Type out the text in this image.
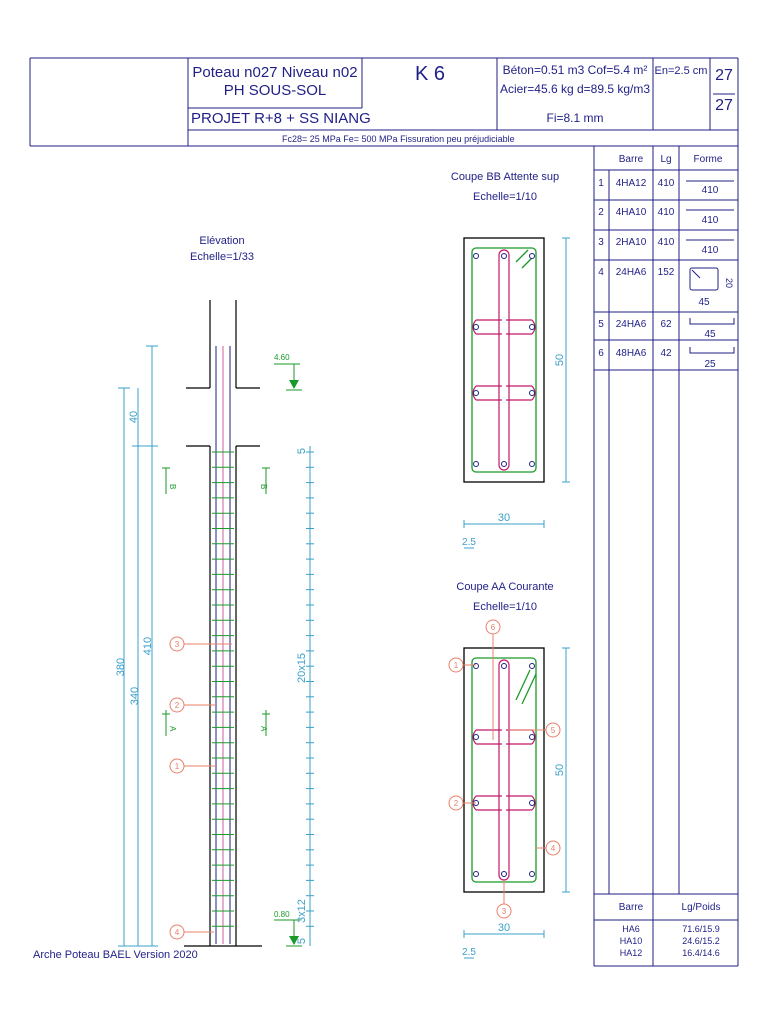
Poteau n027 Niveau n02
PH SOUS-SOL
PROJET R+8 + SS NIANG
K 6	Béton=0.51 m3 Cof=5.4 m²
Acier=45.6 kg d=89.5 kg/m3
Fi=8.1 mm
En=2.5 cm 27
27
Fc28= 25 MPa Fe= 500 MPa Fissuration peu préjudiciable
Barre Lg Forme
1 4HA12 410
410
2 4HA10 410
410
3 2HA10 410
410
4 24HA6 152
45
20
5 24HA6 62
45
6 48HA6 42
25
Barre	Lg/Poids
HA6	71.6/15.9
HA10	24.6/15.2
HA12	16.4/14.6
Elévation
Echelle=1/33
380
340
410
40
4.60
0.80
B	B
A	A
5
20x15
3x12
5
3
2
1
4
Coupe BB Attente sup
Echelle=1/10
50
30
2.5
Coupe AA Courante
Echelle=1/10
50
30
2.5
6
1
5
2
4
3
Arche Poteau BAEL Version 2020
